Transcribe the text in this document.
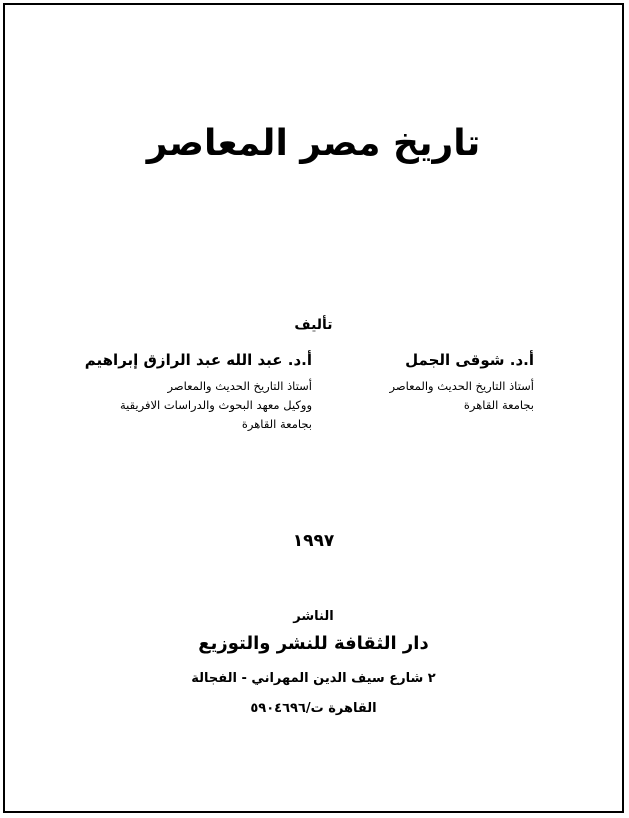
تاريخ مصر المعاصر
تأليف
أ.د. شوقى الجمل
أستاذ التاريخ الحديث والمعاصر
بجامعة القاهرة
أ.د. عبد الله عبد الرازق إبراهيم
أستاذ التاريخ الحديث والمعاصر
ووكيل معهد البحوث والدراسات الافريقية
بجامعة القاهرة
١٩٩٧
الناشر
دار الثقافة للنشر والتوزيع
٢ شارع سيف الدين المهراني - الفجالة
القاهرة ت/٥٩٠٤٦٩٦
